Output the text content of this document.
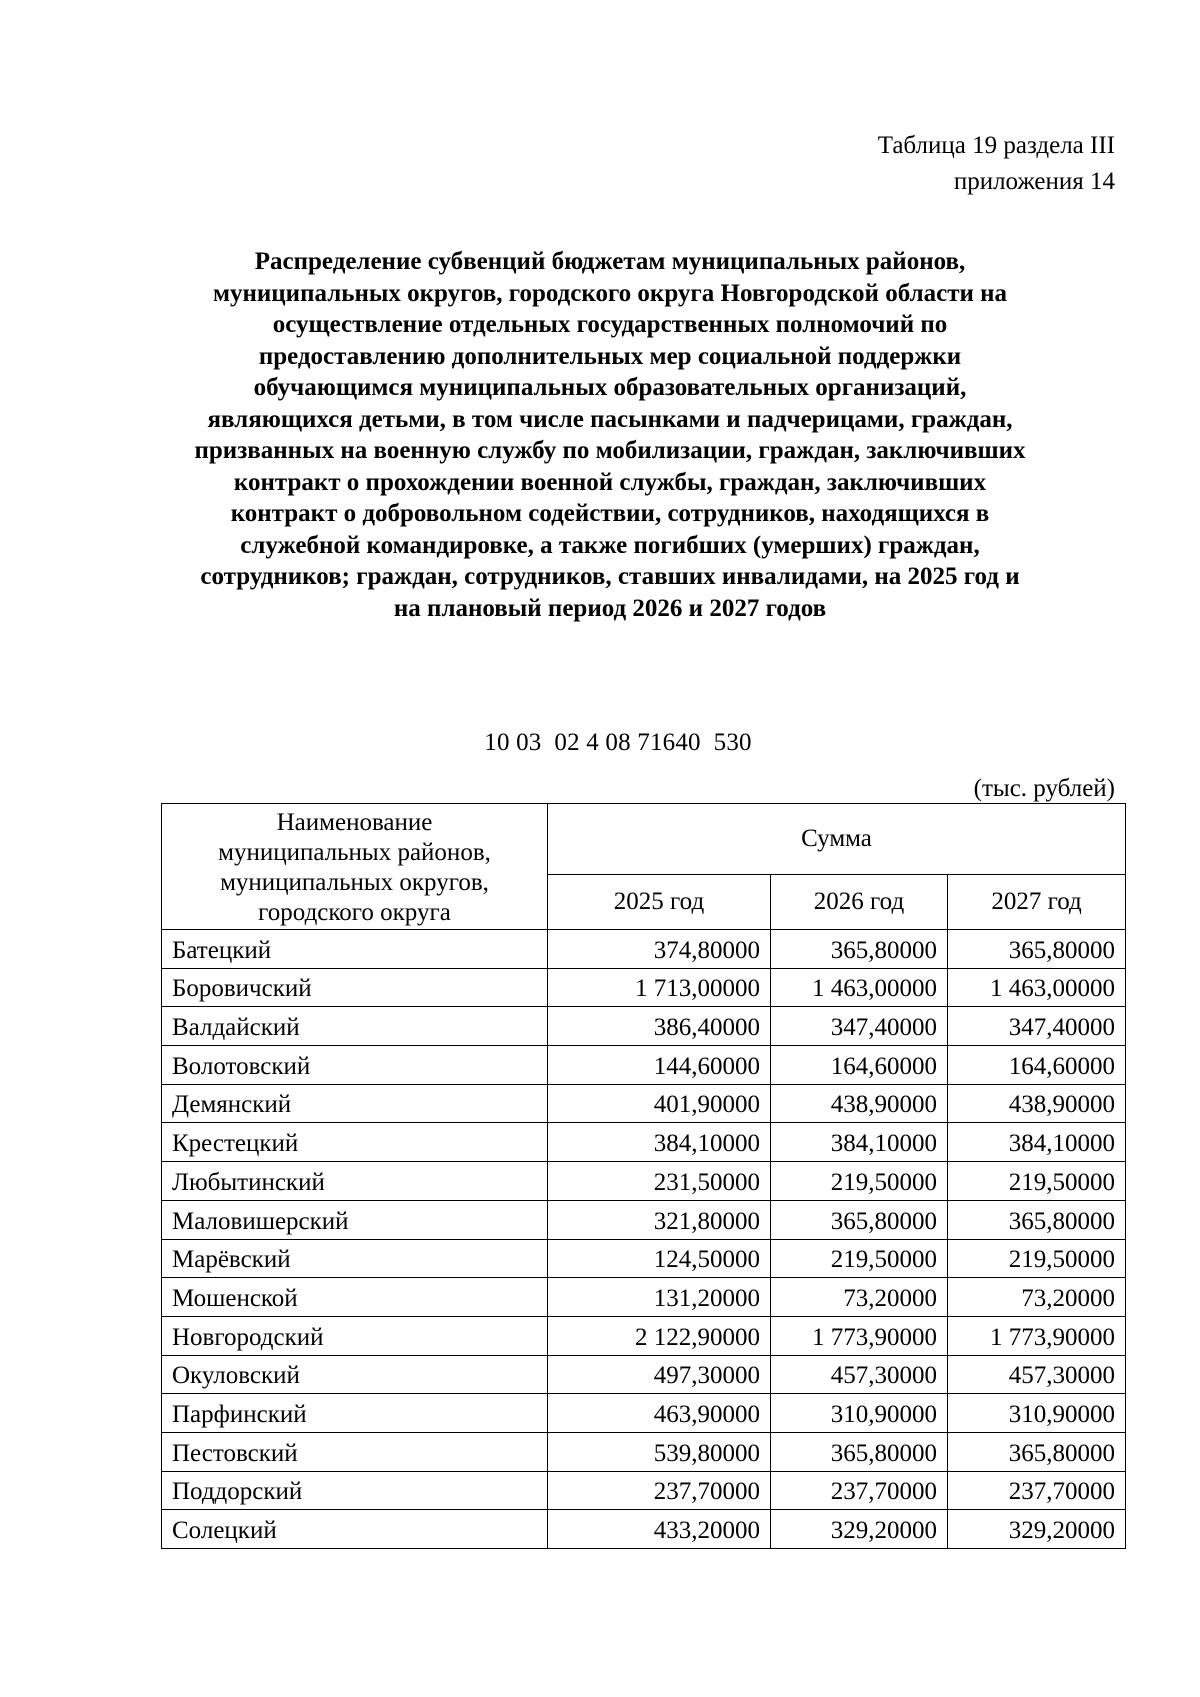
Таблица 19 раздела III
приложения 14
Распределение субвенций бюджетам муниципальных районов,
муниципальных округов, городского округа Новгородской области на
осуществление отдельных государственных полномочий по
предоставлению дополнительных мер социальной поддержки
обучающимся муниципальных образовательных организаций,
являющихся детьми, в том числе пасынками и падчерицами, граждан,
призванных на военную службу по мобилизации, граждан, заключивших
контракт о прохождении военной службы, граждан, заключивших
контракт о добровольном содействии, сотрудников, находящихся в
служебной командировке, а также погибших (умерших) граждан,
сотрудников; граждан, сотрудников, ставших инвалидами, на 2025 год и
на плановый период 2026 и 2027 годов
10 03  02 4 08 71640  530
(тыс. рублей)
Наименование
муниципальных районов,
муниципальных округов,
городского округа	Сумма		
	2025 год	2026 год	2027 год
Батецкий	374,80000	365,80000	365,80000
Боровичский	1 713,00000	1 463,00000	1 463,00000
Валдайский	386,40000	347,40000	347,40000
Волотовский	144,60000	164,60000	164,60000
Демянский	401,90000	438,90000	438,90000
Крестецкий	384,10000	384,10000	384,10000
Любытинский	231,50000	219,50000	219,50000
Маловишерский	321,80000	365,80000	365,80000
Марёвский	124,50000	219,50000	219,50000
Мошенской	131,20000	73,20000	73,20000
Новгородский	2 122,90000	1 773,90000	1 773,90000
Окуловский	497,30000	457,30000	457,30000
Парфинский	463,90000	310,90000	310,90000
Пестовский	539,80000	365,80000	365,80000
Поддорский	237,70000	237,70000	237,70000
Солецкий	433,20000	329,20000	329,20000
